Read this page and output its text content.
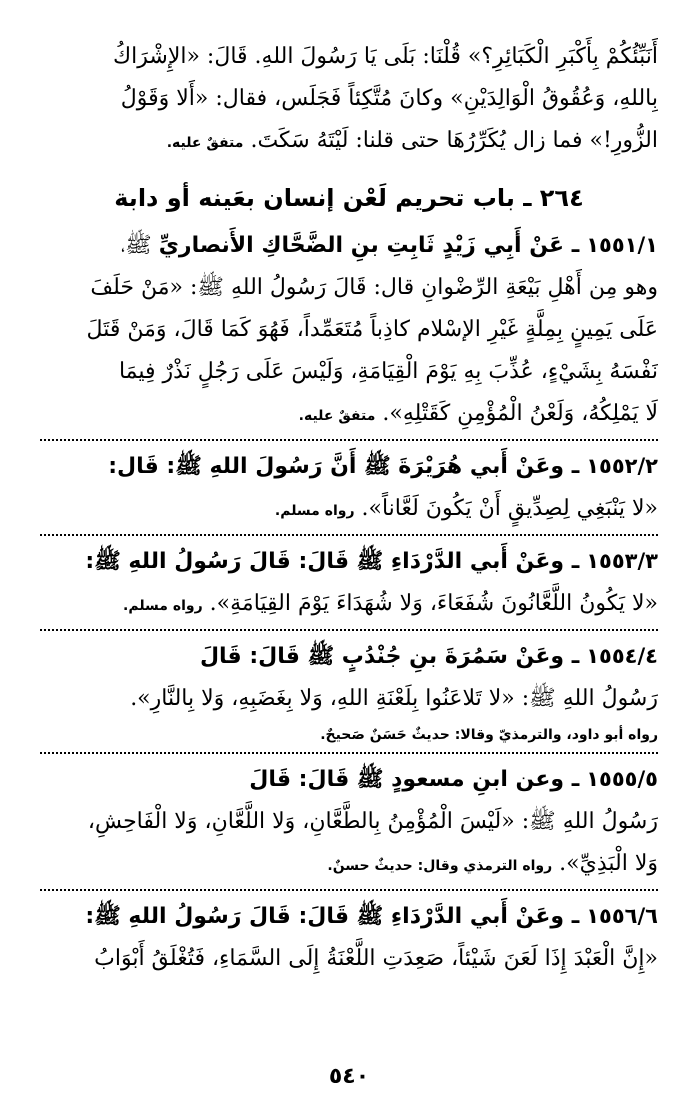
أَنَبِّئُكُمْ بِأَكْبَرِ الْكَبَائِرِ؟» قُلْنَا: بَلَى يَا رَسُولَ اللهِ. قَالَ: «الإِشْرَاكُ
بِاللهِ، وَعُقُوقُ الْوَالِدَيْنِ» وكانَ مُتَّكِئاً فَجَلَس، فقال: «أَلا وَقَوْلُ
الزُّورِ!» فما زال يُكَرِّرُهَا حتى قلنا: لَيْتَهُ سَكَتَ. متفقٌ عليه.

٢٦٤ ـ باب تحريم لَعْن إنسان بعَينه أو دابة
١٥٥١/١ ـ عَنْ أَبِي زَيْدٍ ثَابِتِ بنِ الضَّحَّاكِ الأَنصاريِّ ﷺ،
وهو مِن أَهْلِ بَيْعَةِ الرِّضْوانِ قال: قَالَ رَسُولُ اللهِ ﷺ: «مَنْ حَلَفَ
عَلَى يَمِينٍ بِمِلَّةٍ غَيْرِ الإسْلام كاذِباً مُتَعَمِّداً، فَهُوَ كَمَا قَالَ، وَمَنْ قَتَلَ
نَفْسَهُ بِشَيْءٍ، عُذِّبَ بِهِ يَوْمَ الْقِيَامَةِ، وَلَيْسَ عَلَى رَجُلٍ نَذْرٌ فِيمَا
لَا يَمْلِكُهُ، وَلَعْنُ الْمُؤْمِنِ كَقَتْلِهِ». متفقٌ عليه.
١٥٥٢/٢ ـ وعَنْ أَبي هُرَيْرَةَ ﷺ أَنَّ رَسُولَ اللهِ ﷺ: قَال:
«لا يَنْبَغِي لِصِدِّيقٍ أَنْ يَكُونَ لَعَّاناً». رواه مسلم.
١٥٥٣/٣ ـ وعَنْ أَبي الدَّرْدَاءِ ﷺ قَالَ: قَالَ رَسُولُ اللهِ ﷺ:
«لا يَكُونُ اللَّعَّانُونَ شُفَعَاءَ، وَلا شُهَدَاءَ يَوْمَ القِيَامَةِ». رواه مسلم.
١٥٥٤/٤ ـ وعَنْ سَمُرَةَ بنِ جُنْدُبٍ ﷺ قَالَ: قَالَ
رَسُولُ اللهِ ﷺ: «لا تَلاعَنُوا بِلَعْنَةِ اللهِ، وَلا بِغَضَبِهِ، وَلا بِالنَّارِ».
رواه أبو داود، والترمذيّ وقالا: حديثٌ حَسَنٌ صَحيحٌ.
١٥٥٥/٥ ـ وعن ابنِ مسعودٍ ﷺ قَالَ: قَالَ
رَسُولُ اللهِ ﷺ: «لَيْسَ الْمُؤْمِنُ بِالطَّعَّانِ، وَلا اللَّعَّانِ، وَلا الْفَاحِشِ،
وَلا الْبَذِيِّ». رواه الترمذي وقال: حديثٌ حسنٌ.
١٥٥٦/٦ ـ وعَنْ أَبي الدَّرْدَاءِ ﷺ قَالَ: قَالَ رَسُولُ اللهِ ﷺ:
«إِنَّ الْعَبْدَ إِذَا لَعَنَ شَيْئاً، صَعِدَتِ اللَّعْنَةُ إِلَى السَّمَاءِ، فَتُغْلَقُ أَبْوَابُ
٥٤٠
